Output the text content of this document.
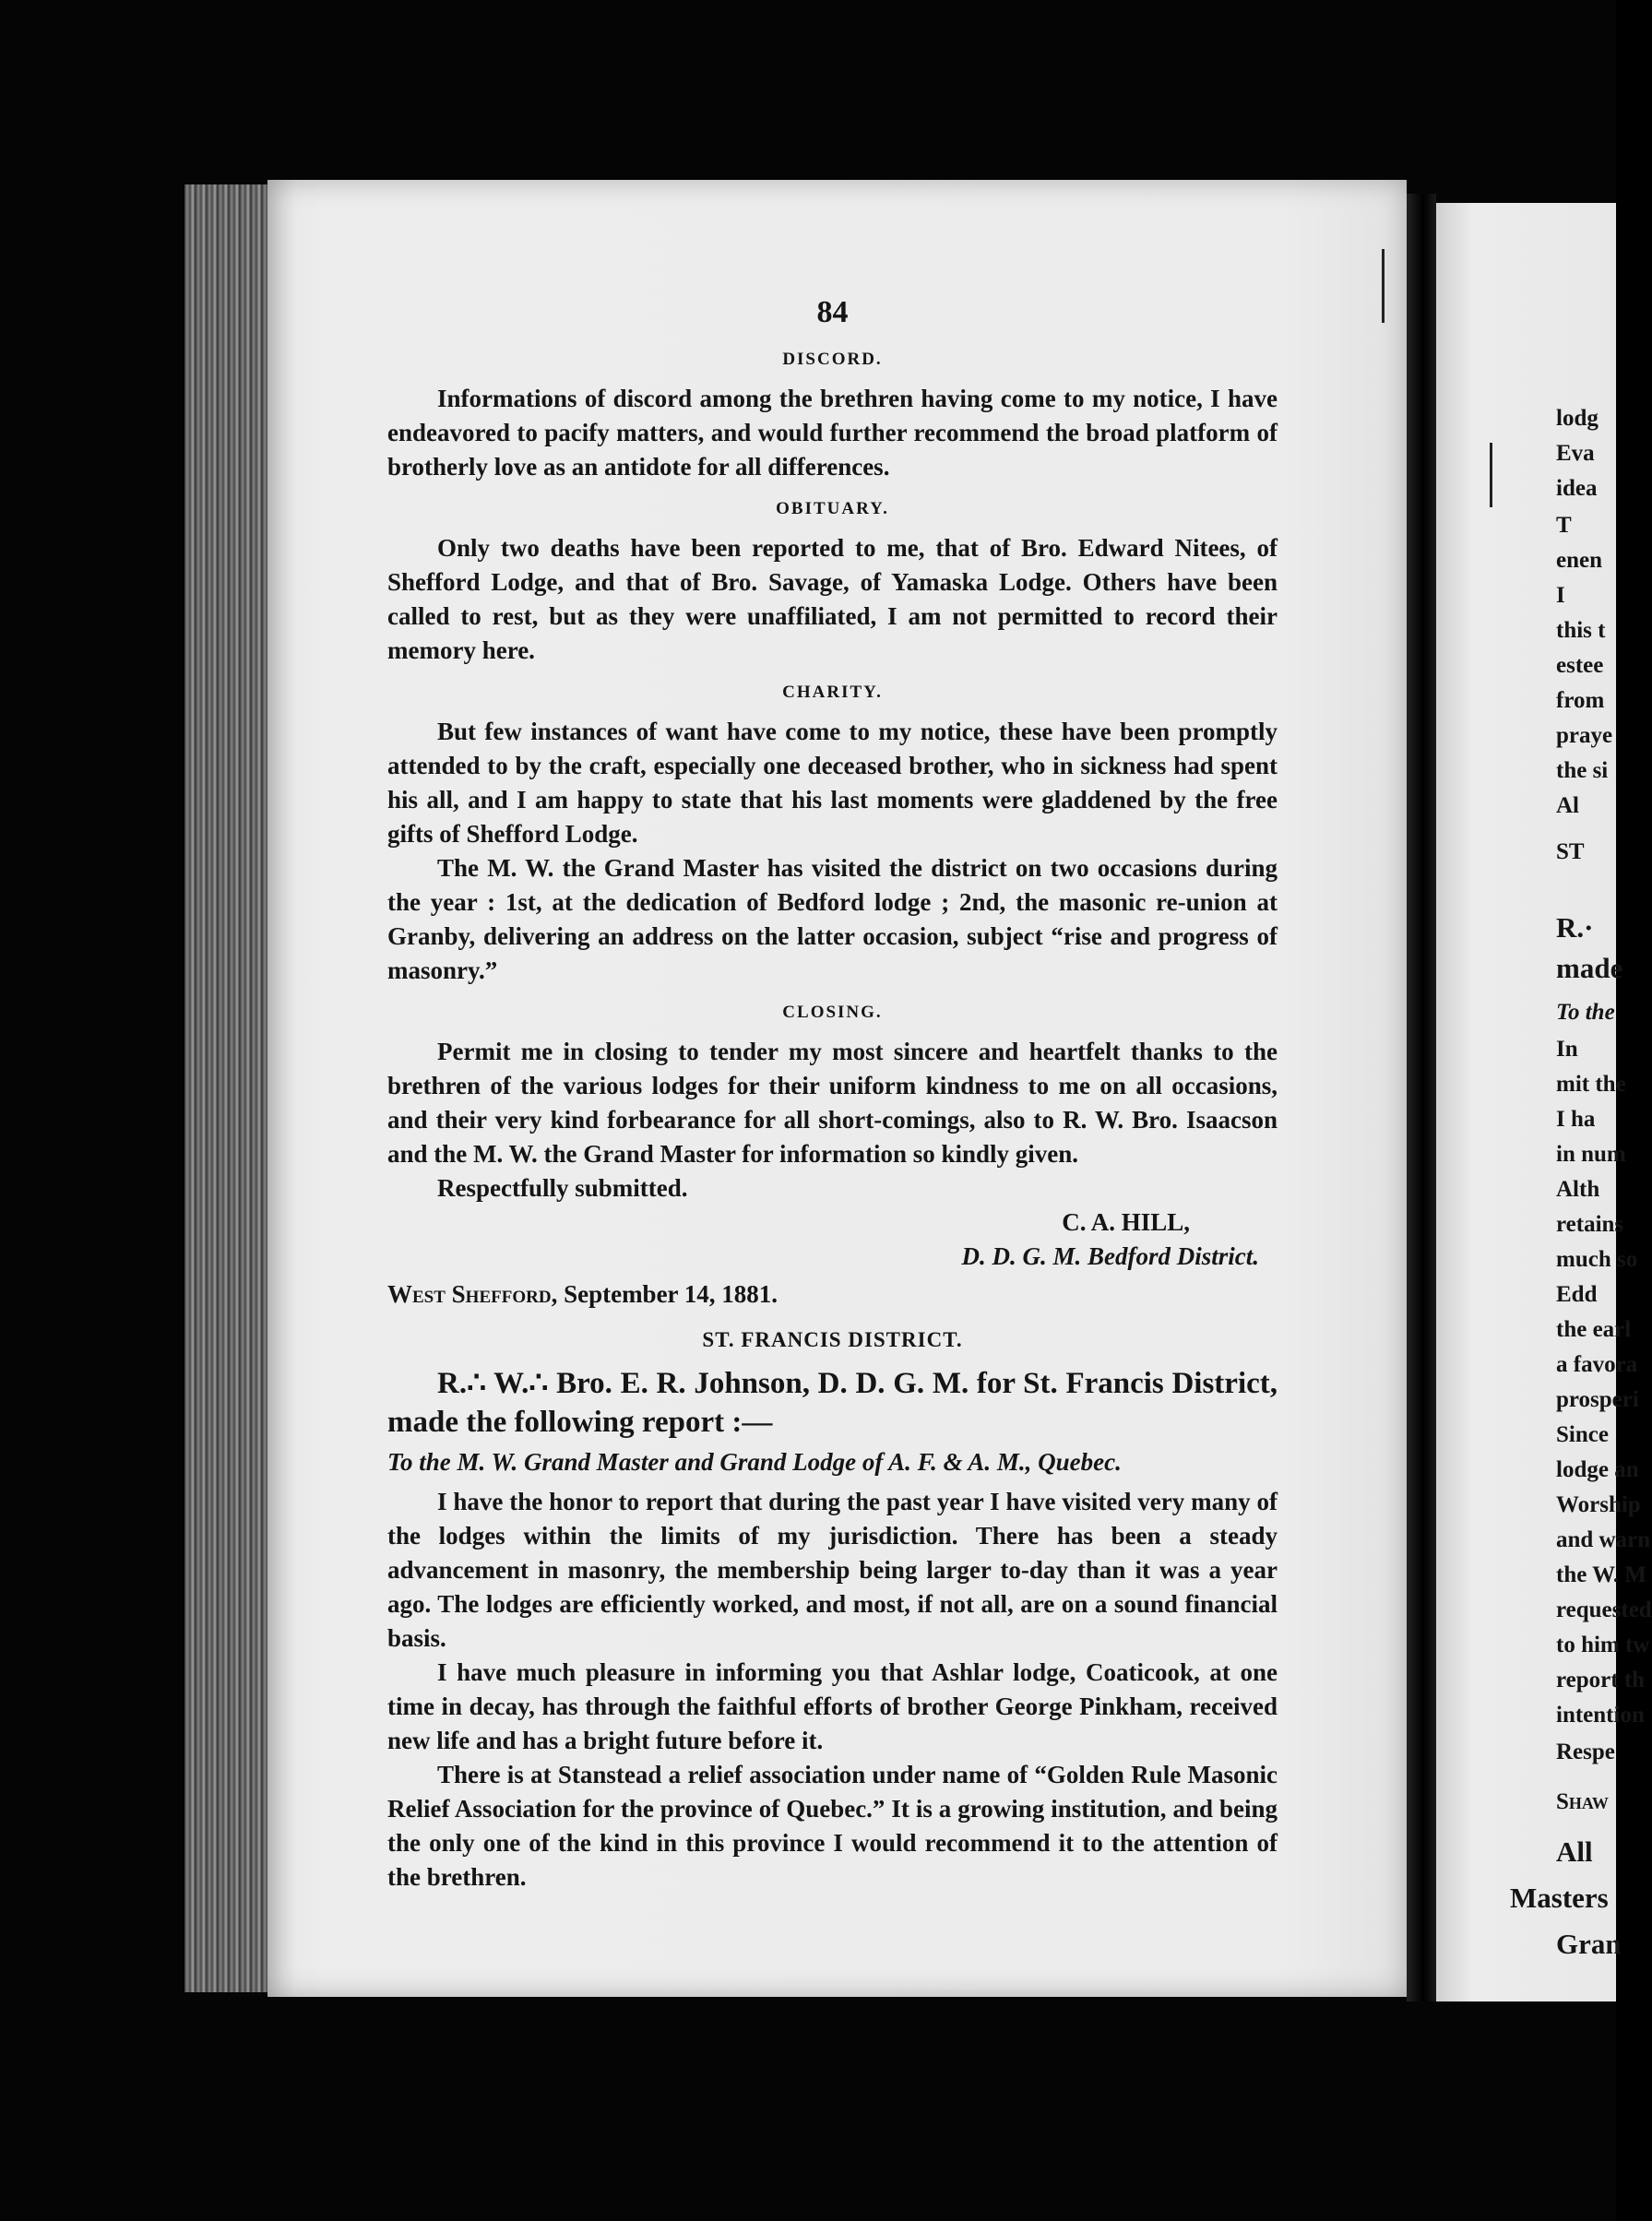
84
DISCORD.

Informations of discord among the brethren having come to my notice, I have endeavored to pacify matters, and would further recommend the broad platform of brotherly love as an antidote for all differences.

OBITUARY.

Only two deaths have been reported to me, that of Bro. Edward Nitees, of Shefford Lodge, and that of Bro. Savage, of Yamaska Lodge. Others have been called to rest, but as they were unaffiliated, I am not permitted to record their memory here.

CHARITY.

But few instances of want have come to my notice, these have been promptly attended to by the craft, especially one deceased brother, who in sickness had spent his all, and I am happy to state that his last moments were gladdened by the free gifts of Shefford Lodge.

The M. W. the Grand Master has visited the district on two occasions during the year : 1st, at the dedication of Bedford lodge ; 2nd, the masonic re-union at Granby, delivering an address on the latter occasion, subject “rise and progress of masonry.”

CLOSING.

Permit me in closing to tender my most sincere and heartfelt thanks to the brethren of the various lodges for their uniform kindness to me on all occasions, and their very kind forbearance for all short-comings, also to R. W. Bro. Isaacson and the M. W. the Grand Master for information so kindly given.

Respectfully submitted.

C. A. HILL,
D. D. G. M. Bedford District.
West Shefford, September 14, 1881.
ST. FRANCIS DISTRICT.

R.∴ W.∴ Bro. E. R. Johnson, D. D. G. M. for St. Francis District, made the following report :—

To the M. W. Grand Master and Grand Lodge of A. F. & A. M., Quebec.

I have the honor to report that during the past year I have visited very many of the lodges within the limits of my jurisdiction. There has been a steady advancement in masonry, the membership being larger to-day than it was a year ago. The lodges are efficiently worked, and most, if not all, are on a sound financial basis.

I have much pleasure in informing you that Ashlar lodge, Coaticook, at one time in decay, has through the faithful efforts of brother George Pinkham, received new life and has a bright future before it.

There is at Stanstead a relief association under name of “Golden Rule Masonic Relief Association for the province of Quebec.” It is a growing institution, and being the only one of the kind in this province I would recommend it to the attention of the brethren.

lodg
Eva
idea
T
enen
I
this t
estee
from
praye
the si
Al
ST
R.·
made
To the
In
mit the
I ha
in num
Alth
retains
much so
Edd
the earl
a favora
prosperi
Since
lodge an
Worship
and warn
the W. M
requested
to him tw
report th
intention
Respe
Shaw
All
Masters
Gran
